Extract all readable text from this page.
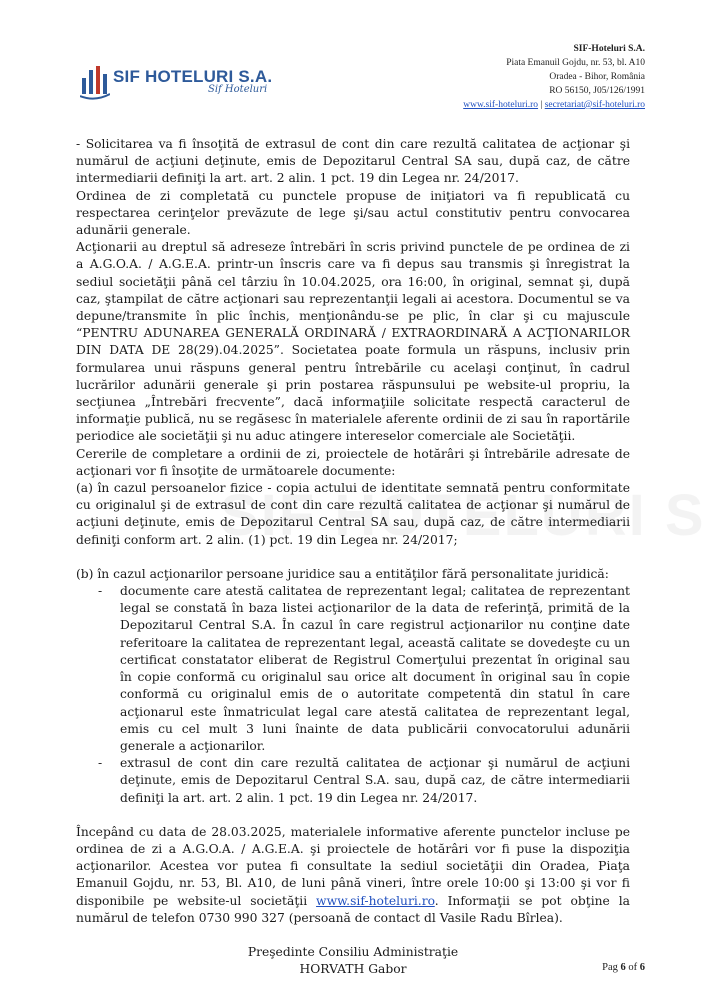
SIF HOTELURI S.A.
Sif Hoteluri
SIF-Hoteluri S.A.
Piata Emanuil Gojdu, nr. 53, bl. A10
Oradea - Bihor, România
RO 56150, J05/126/1991
www.sif-hoteluri.ro | secretariat@sif-hoteluri.ro

- Solicitarea va fi însoţită de extrasul de cont din care rezultă calitatea de acţionar şi numărul de acţiuni deţinute, emis de Depozitarul Central SA sau, după caz, de către intermediarii definiţi la art. art. 2 alin. 1 pct. 19 din Legea nr. 24/2017.

Ordinea de zi completată cu punctele propuse de iniţiatori va fi republicată cu respectarea cerinţelor prevăzute de lege şi/sau actul constitutiv pentru convocarea adunării generale.

Acţionarii au dreptul să adreseze întrebări în scris privind punctele de pe ordinea de zi a A.G.O.A. / A.G.E.A. printr-un înscris care va fi depus sau transmis şi înregistrat la sediul societăţii până cel târziu în 10.04.2025, ora 16:00, în original, semnat şi, după caz, ştampilat de către acţionari sau reprezentanţii legali ai acestora. Documentul se va depune/transmite în plic închis, menţionându-se pe plic, în clar şi cu majuscule “PENTRU ADUNAREA GENERALĂ ORDINARĂ / EXTRAORDINARĂ A ACŢIONARILOR DIN DATA DE 28(29).04.2025”. Societatea poate formula un răspuns, inclusiv prin formularea unui răspuns general pentru întrebările cu acelaşi conţinut, în cadrul lucrărilor adunării generale şi prin postarea răspunsului pe website-ul propriu, la secţiunea „Întrebări frecvente”, dacă informaţiile solicitate respectă caracterul de informaţie publică, nu se regăsesc în materialele aferente ordinii de zi sau în raportările periodice ale societăţii şi nu aduc atingere intereselor comerciale ale Societăţii.

Cererile de completare a ordinii de zi, proiectele de hotărâri şi întrebările adresate de acţionari vor fi însoţite de următoarele documente:

(a) în cazul persoanelor fizice - copia actului de identitate semnată pentru conformitate cu originalul şi de extrasul de cont din care rezultă calitatea de acţionar şi numărul de acţiuni deţinute, emis de Depozitarul Central SA sau, după caz, de către intermediarii definiţi conform art. 2 alin. (1) pct. 19 din Legea nr. 24/2017;

(b) în cazul acţionarilor persoane juridice sau a entităţilor fără personalitate juridică:

- documente care atestă calitatea de reprezentant legal; calitatea de reprezentant legal se constată în baza listei acţionarilor de la data de referinţă, primită de la Depozitarul Central S.A. În cazul în care registrul acţionarilor nu conţine date referitoare la calitatea de reprezentant legal, această calitate se dovedeşte cu un certificat constatator eliberat de Registrul Comerţului prezentat în original sau în copie conformă cu originalul sau orice alt document în original sau în copie conformă cu originalul emis de o autoritate competentă din statul în care acţionarul este înmatriculat legal care atestă calitatea de reprezentant legal, emis cu cel mult 3 luni înainte de data publicării convocatorului adunării generale a acţionarilor.
- extrasul de cont din care rezultă calitatea de acţionar şi numărul de acţiuni deţinute, emis de Depozitarul Central S.A. sau, după caz, de către intermediarii definiţi la art. art. 2 alin. 1 pct. 19 din Legea nr. 24/2017.

Începând cu data de 28.03.2025, materialele informative aferente punctelor incluse pe ordinea de zi a A.G.O.A. / A.G.E.A. şi proiectele de hotărâri vor fi puse la dispoziţia acţionarilor. Acestea vor putea fi consultate la sediul societăţii din Oradea, Piaţa Emanuil Gojdu, nr. 53, Bl. A10, de luni până vineri, între orele 10:00 şi 13:00 şi vor fi disponibile pe website-ul societăţii www.sif-hoteluri.ro. Informaţii se pot obţine la numărul de telefon 0730 990 327 (persoană de contact dl Vasile Radu Bîrlea).

Preşedinte Consiliu Administraţie
HORVATH Gabor	Pag 6 of 6
